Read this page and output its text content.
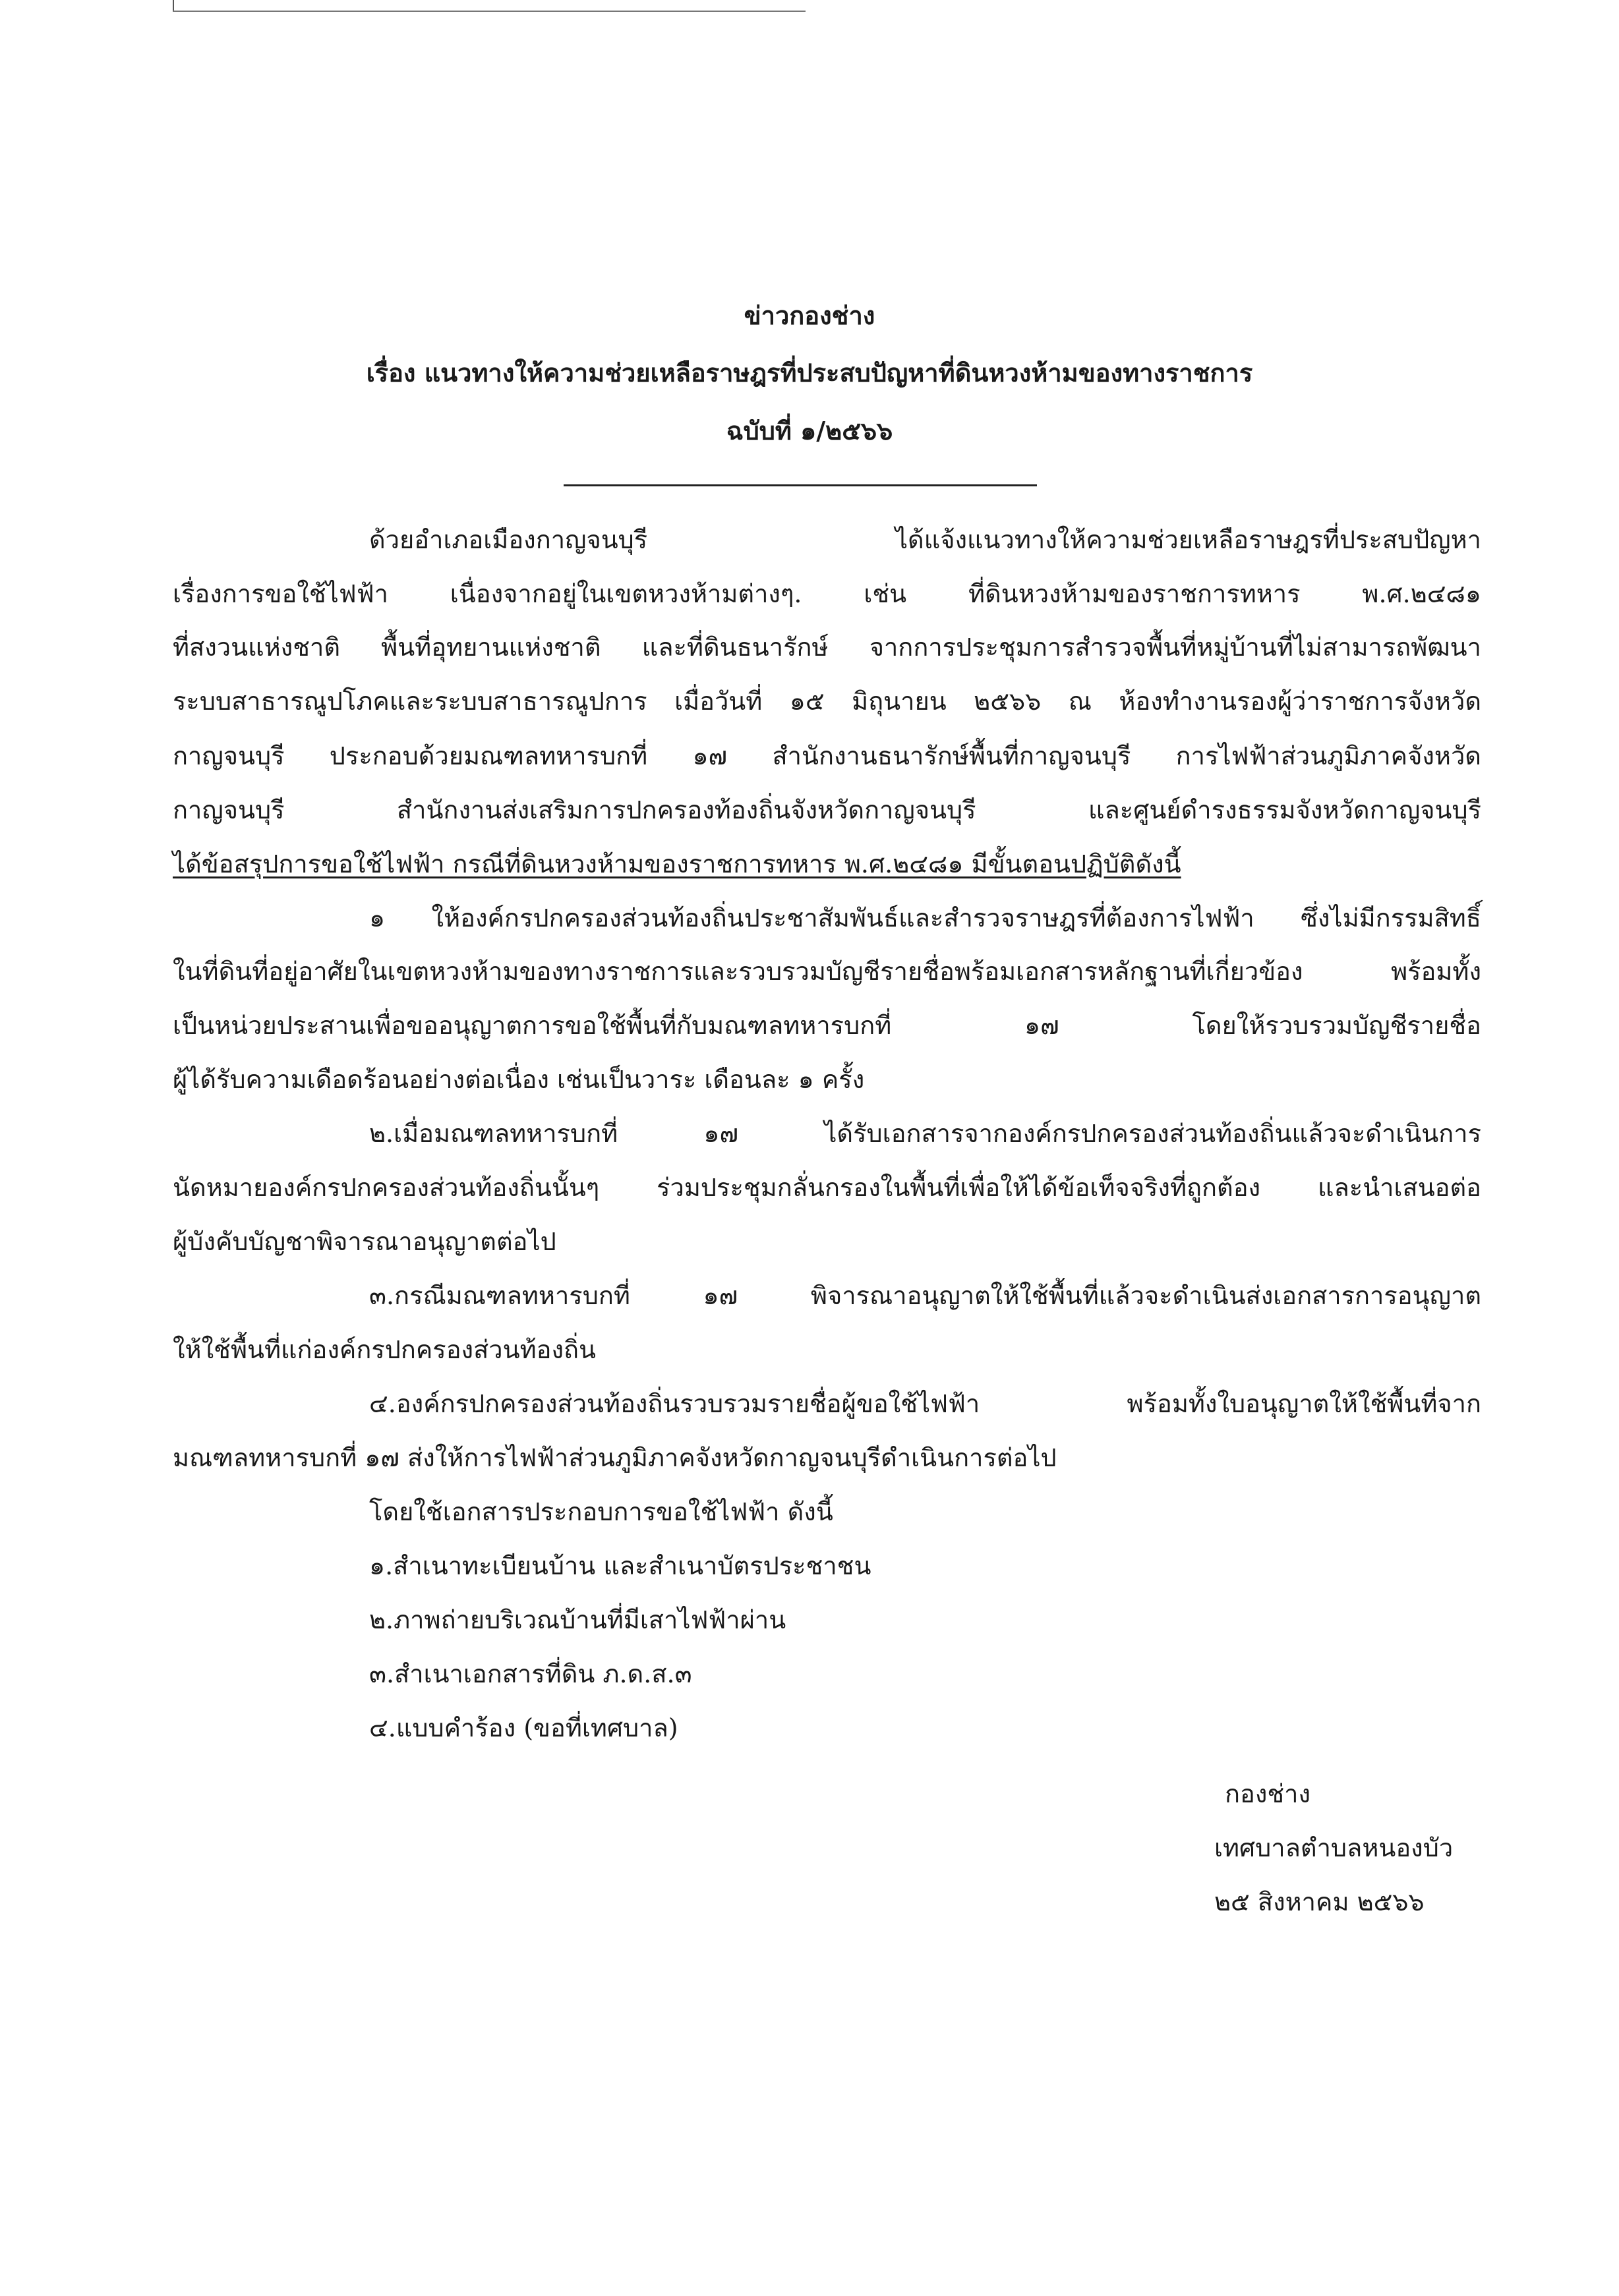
ข่าวกองช่าง
เรื่อง แนวทางให้ความช่วยเหลือราษฎรที่ประสบปัญหาที่ดินหวงห้ามของทางราชการ
ฉบับที่ ๑/๒๕๖๖
ด้วยอำเภอเมืองกาญจนบุรี ได้แจ้งแนวทางให้ความช่วยเหลือราษฎรที่ประสบปัญหา
เรื่องการขอใช้ไฟฟ้า เนื่องจากอยู่ในเขตหวงห้ามต่างๆ. เช่น ที่ดินหวงห้ามของราชการทหาร พ.ศ.๒๔๘๑
ที่สงวนแห่งชาติ พื้นที่อุทยานแห่งชาติ และที่ดินธนารักษ์ จากการประชุมการสำรวจพื้นที่หมู่บ้านที่ไม่สามารถพัฒนา
ระบบสาธารณูปโภคและระบบสาธารณูปการ เมื่อวันที่ ๑๕ มิถุนายน ๒๕๖๖ ณ ห้องทำงานรองผู้ว่าราชการจังหวัด
กาญจนบุรี ประกอบด้วยมณฑลทหารบกที่ ๑๗ สำนักงานธนารักษ์พื้นที่กาญจนบุรี การไฟฟ้าส่วนภูมิภาคจังหวัด
กาญจนบุรี สำนักงานส่งเสริมการปกครองท้องถิ่นจังหวัดกาญจนบุรี และศูนย์ดำรงธรรมจังหวัดกาญจนบุรี
ได้ข้อสรุปการขอใช้ไฟฟ้า กรณีที่ดินหวงห้ามของราชการทหาร พ.ศ.๒๔๘๑ มีขั้นตอนปฏิบัติดังนี้
๑ ให้องค์กรปกครองส่วนท้องถิ่นประชาสัมพันธ์และสำรวจราษฎรที่ต้องการไฟฟ้า ซึ่งไม่มีกรรมสิทธิ์
ในที่ดินที่อยู่อาศัยในเขตหวงห้ามของทางราชการและรวบรวมบัญชีรายชื่อพร้อมเอกสารหลักฐานที่เกี่ยวข้อง พร้อมทั้ง
เป็นหน่วยประสานเพื่อขออนุญาตการขอใช้พื้นที่กับมณฑลทหารบกที่ ๑๗ โดยให้รวบรวมบัญชีรายชื่อ
ผู้ได้รับความเดือดร้อนอย่างต่อเนื่อง เช่นเป็นวาระ เดือนละ ๑ ครั้ง
๒.เมื่อมณฑลทหารบกที่ ๑๗ ได้รับเอกสารจากองค์กรปกครองส่วนท้องถิ่นแล้วจะดำเนินการ
นัดหมายองค์กรปกครองส่วนท้องถิ่นนั้นๆ ร่วมประชุมกลั่นกรองในพื้นที่เพื่อให้ได้ข้อเท็จจริงที่ถูกต้อง และนำเสนอต่อ
ผู้บังคับบัญชาพิจารณาอนุญาตต่อไป
๓.กรณีมณฑลทหารบกที่ ๑๗ พิจารณาอนุญาตให้ใช้พื้นที่แล้วจะดำเนินส่งเอกสารการอนุญาต
ให้ใช้พื้นที่แก่องค์กรปกครองส่วนท้องถิ่น
๔.องค์กรปกครองส่วนท้องถิ่นรวบรวมรายชื่อผู้ขอใช้ไฟฟ้า พร้อมทั้งใบอนุญาตให้ใช้พื้นที่จาก
มณฑลทหารบกที่ ๑๗ ส่งให้การไฟฟ้าส่วนภูมิภาคจังหวัดกาญจนบุรีดำเนินการต่อไป
โดยใช้เอกสารประกอบการขอใช้ไฟฟ้า ดังนี้
๑.สำเนาทะเบียนบ้าน และสำเนาบัตรประชาชน
๒.ภาพถ่ายบริเวณบ้านที่มีเสาไฟฟ้าผ่าน
๓.สำเนาเอกสารที่ดิน ภ.ด.ส.๓
๔.แบบคำร้อง (ขอที่เทศบาล)
กองช่าง
เทศบาลตำบลหนองบัว
๒๕ สิงหาคม ๒๕๖๖
